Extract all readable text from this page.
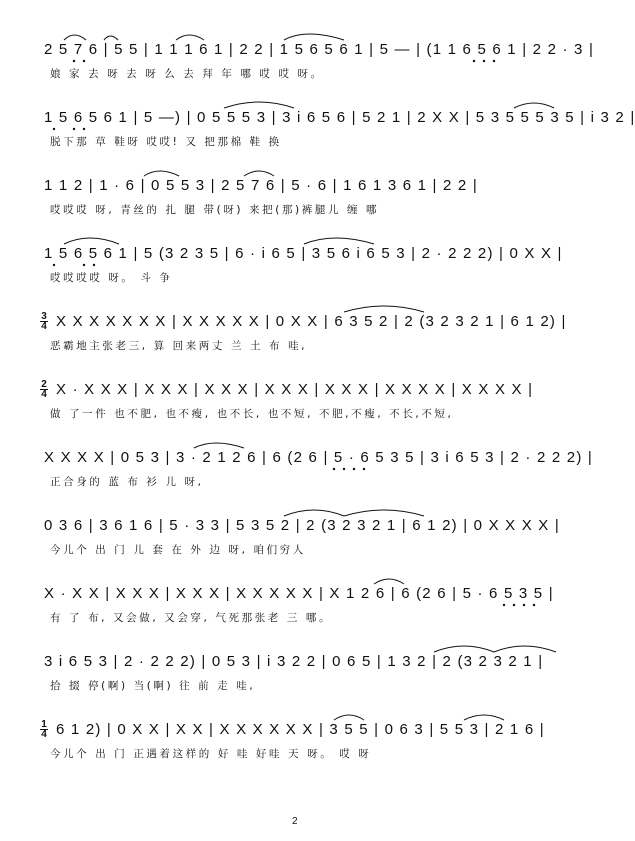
2 5 7 6 | 5 5 | 1 1 1 6 1 | 2 2 | 1 5 6 5 6 1 | 5 — | (1 1 6 5 6 1 | 2 2 · 3 |
娘 家 去 呀 去 呀 么 去 拜 年 哪 哎 哎 呀。
1 5 6 5 6 1 | 5 —) | 0 5 5 5 3 | 3 i 6 5 6 | 5 2 1 | 2 X X | 5 3 5 5 5 3 5 | i 3 2 |
脱下那 草 鞋呀 哎哎! 又 把那棉 鞋 换
1 1 2 | 1 · 6 | 0 5 5 3 | 2 5 7 6 | 5 · 6 | 1 6 1 3 6 1 | 2 2 |
哎哎哎 呀, 青丝的 扎 腿 带(呀) 来把(那)裤腿儿 缠 哪
1 5 6 5 6 1 | 5 (3 2 3 5 | 6 · i 6 5 | 3 5 6 i 6 5 3 | 2 · 2 2 2) | 0 X X |
哎哎哎哎 呀。 斗 争
3
4 X X X X X X X | X X X X X | 0 X X | 6 3 5 2 | 2 (3 2 3 2 1 | 6 1 2) |
恶霸地主张老三, 算 回来两丈 兰 土 布 哇,
2
4 X · X X X | X X X | X X X | X X X | X X X | X X X X | X X X X |
做 了一件 也不肥, 也不瘦, 也不长, 也不短, 不肥,不瘦, 不长,不短,
X X X X | 0 5 3 | 3 · 2 1 2 6 | 6 (2 6 | 5 · 6 5 3 5 | 3 i 6 5 3 | 2 · 2 2 2) |
正合身的 蓝 布 衫 儿 呀,
0 3 6 | 3 6 1 6 | 5 · 3 3 | 5 3 5 2 | 2 (3 2 3 2 1 | 6 1 2) | 0 X X X X |
今儿个 出 门 儿 套 在 外 边 呀, 咱们穷人
X · X X | X X X | X X X | X X X X X | X 1 2 6 | 6 (2 6 | 5 · 6 5 3 5 |
有 了 布, 又会做, 又会穿, 气死那张老 三 哪。
3 i 6 5 3 | 2 · 2 2 2) | 0 5 3 | i 3 2 2 | 0 6 5 | 1 3 2 | 2 (3 2 3 2 1 |
拾 掇 停(啊) 当(啊) 往 前 走 哇,
1
4 6 1 2) | 0 X X | X X | X X X X X X | 3 5 5 | 0 6 3 | 5 5 3 | 2 1 6 |
今儿个 出 门 正遇着这样的 好 哇 好哇 天 呀。 哎 呀
2
